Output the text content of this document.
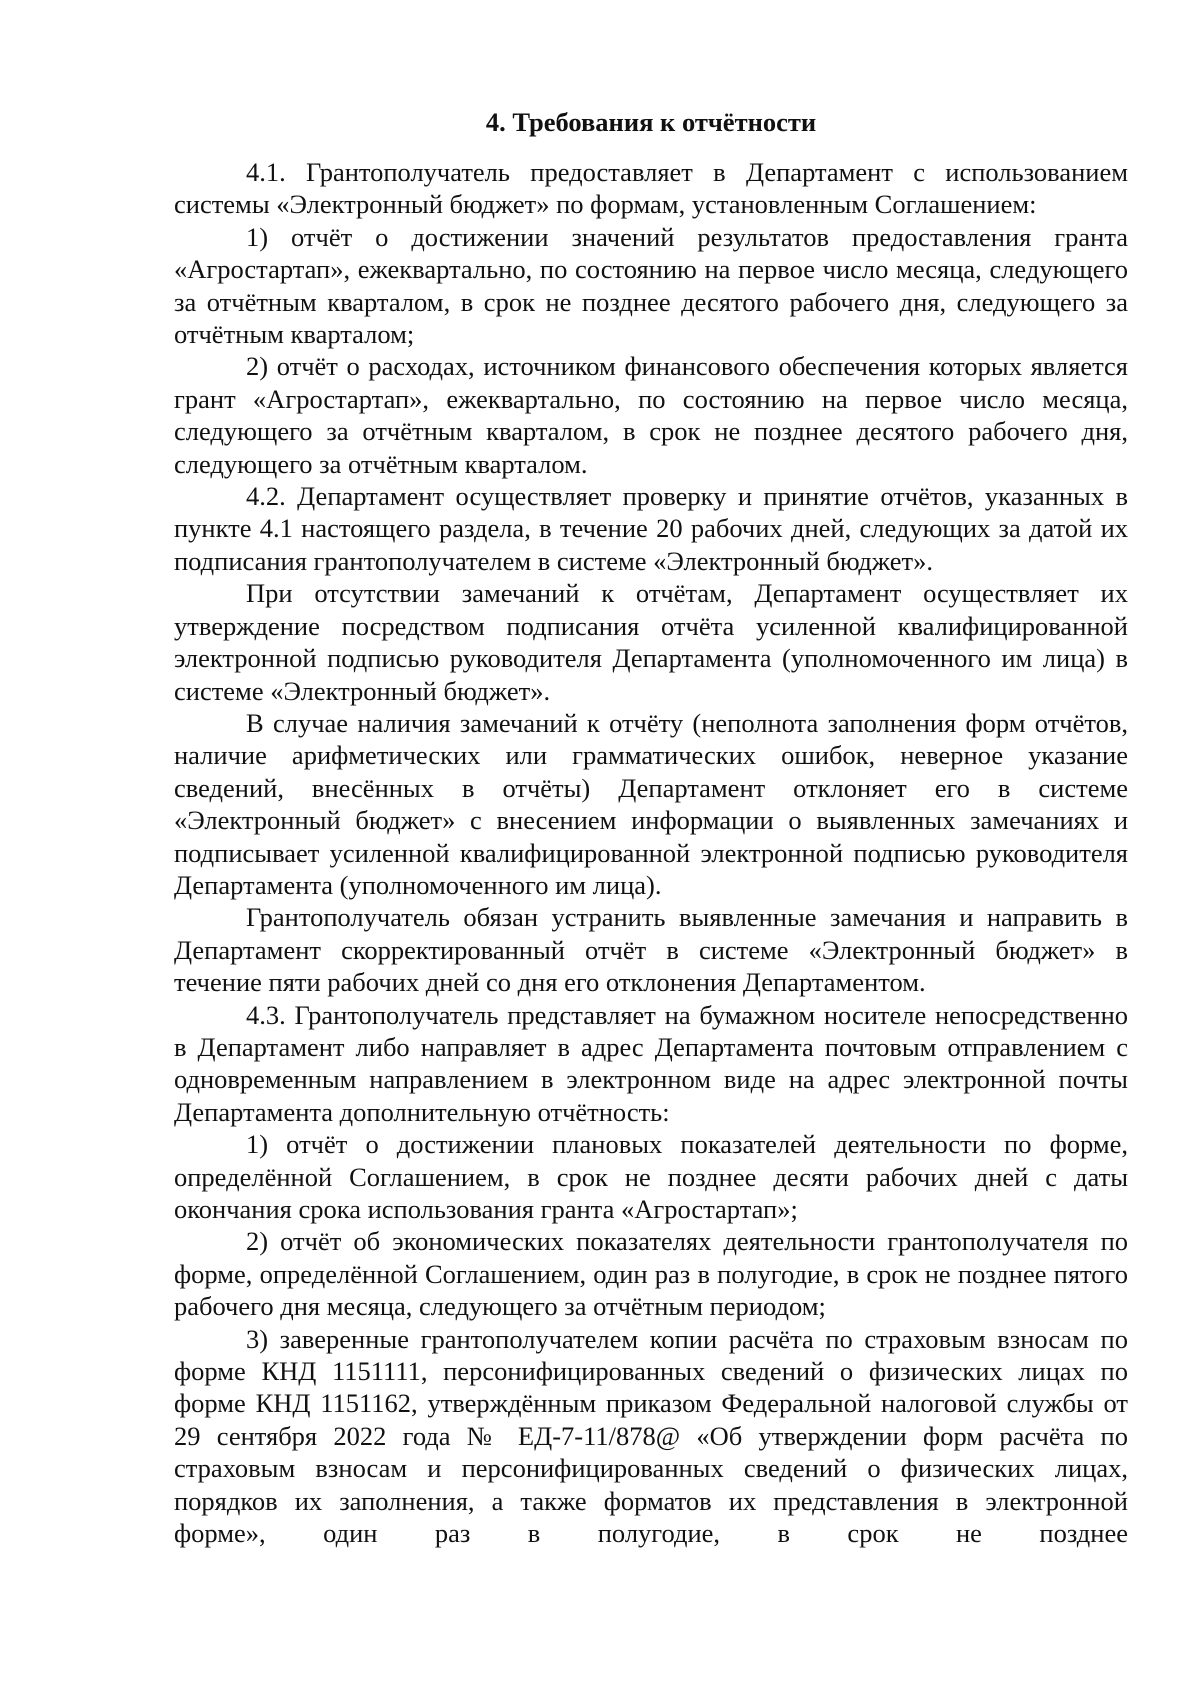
4. Требования к отчётности

4.1. Грантополучатель предоставляет в Департамент с использованием системы «Электронный бюджет» по формам, установленным Соглашением:

1) отчёт о достижении значений результатов предоставления гранта «Агростартап», ежеквартально, по состоянию на первое число месяца, следующего за отчётным кварталом, в срок не позднее десятого рабочего дня, следующего за отчётным кварталом;

2) отчёт о расходах, источником финансового обеспечения которых является грант «Агростартап», ежеквартально, по состоянию на первое число месяца, следующего за отчётным кварталом, в срок не позднее десятого рабочего дня, следующего за отчётным кварталом.

4.2. Департамент осуществляет проверку и принятие отчётов, указанных в пункте 4.1 настоящего раздела, в течение 20 рабочих дней, следующих за датой их подписания грантополучателем в системе «Электронный бюджет».

При отсутствии замечаний к отчётам, Департамент осуществляет их утверждение посредством подписания отчёта усиленной квалифицированной электронной подписью руководителя Департамента (уполномоченного им лица) в системе «Электронный бюджет».

В случае наличия замечаний к отчёту (неполнота заполнения форм отчётов, наличие арифметических или грамматических ошибок, неверное указание сведений, внесённых в отчёты) Департамент отклоняет его в системе «Электронный бюджет» с внесением информации о выявленных замечаниях и подписывает усиленной квалифицированной электронной подписью руководителя Департамента (уполномоченного им лица).

Грантополучатель обязан устранить выявленные замечания и направить в Департамент скорректированный отчёт в системе «Электронный бюджет» в течение пяти рабочих дней со дня его отклонения Департаментом.

4.3. Грантополучатель представляет на бумажном носителе непосредственно в Департамент либо направляет в адрес Департамента почтовым отправлением с одновременным направлением в электронном виде на адрес электронной почты Департамента дополнительную отчётность:

1) отчёт о достижении плановых показателей деятельности по форме, определённой Соглашением, в срок не позднее десяти рабочих дней с даты окончания срока использования гранта «Агростартап»;

2) отчёт об экономических показателях деятельности грантополучателя по форме, определённой Соглашением, один раз в полугодие, в срок не позднее пятого рабочего дня месяца, следующего за отчётным периодом;

3) заверенные грантополучателем копии расчёта по страховым взносам по форме КНД 1151111, персонифицированных сведений о физических лицах по форме КНД 1151162, утверждённым приказом Федеральной налоговой службы от 29 сентября 2022 года № ЕД-7-11/878@ «Об утверждении форм расчёта по страховым взносам и персонифицированных сведений о физических лицах, порядков их заполнения, а также форматов их представления в электронной форме», один раз в полугодие, в срок не позднее
